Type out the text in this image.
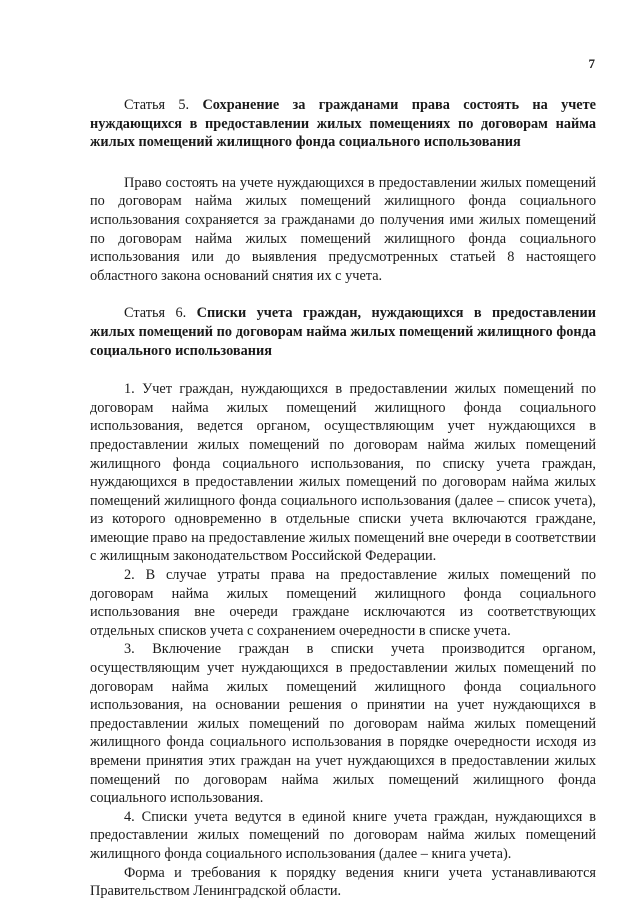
7

Статья 5. Сохранение за гражданами права состоять на учете нуждающихся в предоставлении жилых помещениях по договорам найма жилых помещений жилищного фонда социального использования

Право состоять на учете нуждающихся в предоставлении жилых помещений по договорам найма жилых помещений жилищного фонда социального использования сохраняется за гражданами до получения ими жилых помещений по договорам найма жилых помещений жилищного фонда социального использования или до выявления предусмотренных статьей 8 настоящего областного закона оснований снятия их с учета.

Статья 6. Списки учета граждан, нуждающихся в предоставлении жилых помещений по договорам найма жилых помещений жилищного фонда социального использования

1. Учет граждан, нуждающихся в предоставлении жилых помещений по договорам найма жилых помещений жилищного фонда социального использования, ведется органом, осуществляющим учет нуждающихся в предоставлении жилых помещений по договорам найма жилых помещений жилищного фонда социального использования, по списку учета граждан, нуждающихся в предоставлении жилых помещений по договорам найма жилых помещений жилищного фонда социального использования (далее – список учета), из которого одновременно в отдельные списки учета включаются граждане, имеющие право на предоставление жилых помещений вне очереди в соответствии с жилищным законодательством Российской Федерации.

2. В случае утраты права на предоставление жилых помещений по договорам найма жилых помещений жилищного фонда социального использования вне очереди граждане исключаются из соответствующих отдельных списков учета с сохранением очередности в списке учета.

3. Включение граждан в списки учета производится органом, осуществляющим учет нуждающихся в предоставлении жилых помещений по договорам найма жилых помещений жилищного фонда социального использования, на основании решения о принятии на учет нуждающихся в предоставлении жилых помещений по договорам найма жилых помещений жилищного фонда социального использования в порядке очередности исходя из времени принятия этих граждан на учет нуждающихся в предоставлении жилых помещений по договорам найма жилых помещений жилищного фонда социального использования.

4. Списки учета ведутся в единой книге учета граждан, нуждающихся в предоставлении жилых помещений по договорам найма жилых помещений жилищного фонда социального использования (далее – книга учета).

Форма и требования к порядку ведения книги учета устанавливаются Правительством Ленинградской области.
